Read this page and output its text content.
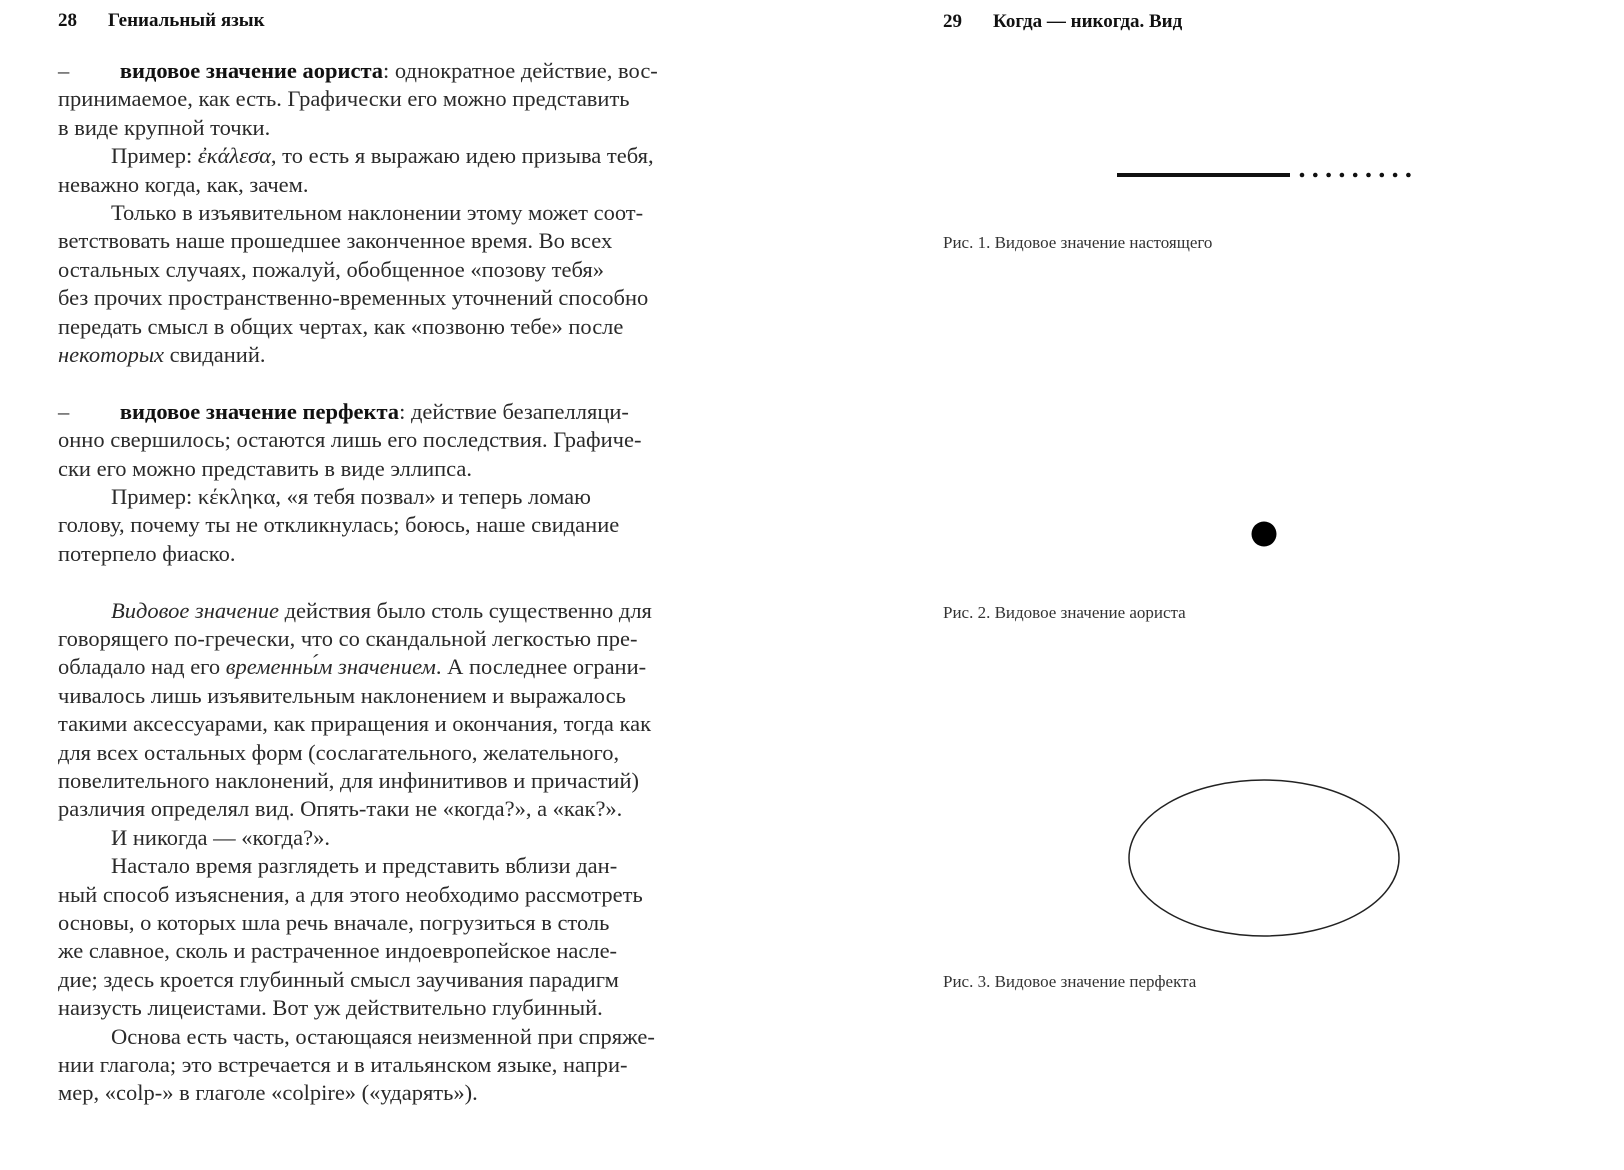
28 Гениальный язык
–   видовое значение аориста: однократное действие, вос-
принимаемое, как есть. Графически его можно представить
в виде крупной точки.
Пример: ἐκάλεσα, то есть я выражаю идею призыва тебя,
неважно когда, как, зачем.
Только в изъявительном наклонении этому может соот-
ветствовать наше прошедшее законченное время. Во всех
остальных случаях, пожалуй, обобщенное «позову тебя»
без прочих пространственно-временных уточнений способно
передать смысл в общих чертах, как «позвоню тебе» после
некоторых свиданий.
–   видовое значение перфекта: действие безапелляци-
онно свершилось; остаются лишь его последствия. Графиче-
ски его можно представить в виде эллипса.
Пример: κέκληκα, «я тебя позвал» и теперь ломаю
голову, почему ты не откликнулась; боюсь, наше свидание
потерпело фиаско.
Видовое значение действия было столь существенно для
говорящего по-гречески, что со скандальной легкостью пре-
обладало над его временны́м значением. А последнее ограни-
чивалось лишь изъявительным наклонением и выражалось
такими аксессуарами, как приращения и окончания, тогда как
для всех остальных форм (сослагательного, желательного,
повелительного наклонений, для инфинитивов и причастий)
различия определял вид. Опять-таки не «когда?», а «как?».
И никогда — «когда?».
Настало время разглядеть и представить вблизи дан-
ный способ изъяснения, а для этого необходимо рассмотреть
основы, о которых шла речь вначале, погрузиться в столь
же славное, сколь и растраченное индоевропейское насле-
дие; здесь кроется глубинный смысл заучивания парадигм
наизусть лицеистами. Вот уж действительно глубинный.
Основа есть часть, остающаяся неизменной при спряже-
нии глагола; это встречается и в итальянском языке, напри-
мер, «colp-» в глаголе «colpire» («ударять»).
29 Когда — никогда. Вид
Рис. 1. Видовое значение настоящего
Рис. 2. Видовое значение аориста
Рис. 3. Видовое значение перфекта
